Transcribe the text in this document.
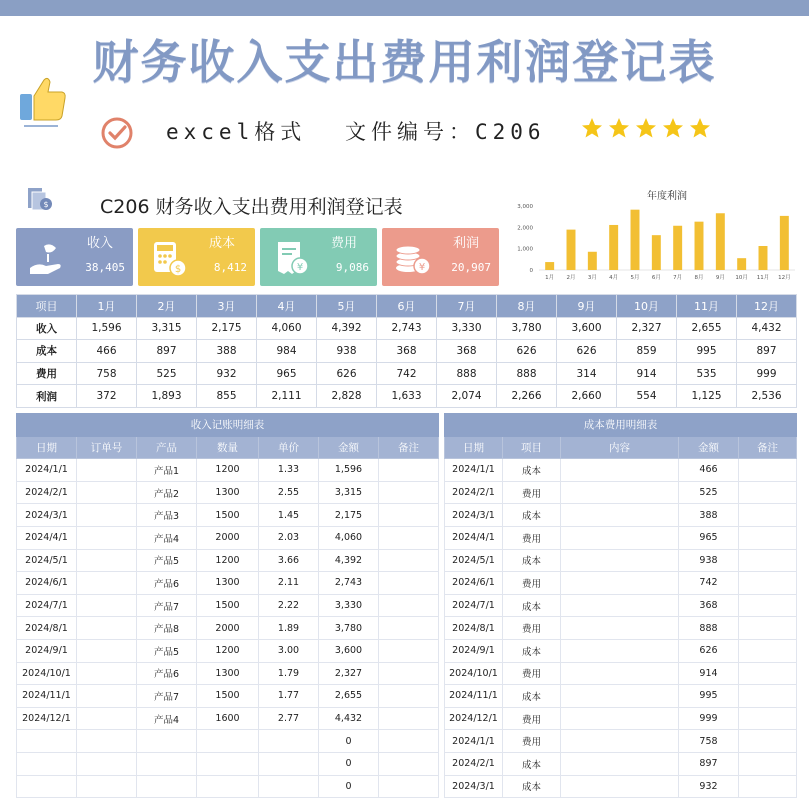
财务收入支出费用利润登记表
excel格式 文件编号：C206
$	C206 财务收入支出费用利润登记表	年度利润
0
1,000
2,000
3,000
1月 2月 3月 4月 5月 6月 7月 8月 9月 10月 11月 12月
收入
38,405	$
成本
8,412	¥
费用
9,086	¥
利润
20,907
项目	1月	2月	3月	4月	5月	6月	7月	8月	9月	10月	11月	12月
收入	1,596	3,315	2,175	4,060	4,392	2,743	3,330	3,780	3,600	2,327	2,655	4,432
成本	466	897	388	984	938	368	368	626	626	859	995	897
费用	758	525	932	965	626	742	888	888	314	914	535	999
利润	372	1,893	855	2,111	2,828	1,633	2,074	2,266	2,660	554	1,125	2,536
收入记账明细表						
日期	订单号	产品	数量	单价	金额	备注
2024/1/1		产品1	1200	1.33	1,596	
2024/2/1		产品2	1300	2.55	3,315	
2024/3/1		产品3	1500	1.45	2,175	
2024/4/1		产品4	2000	2.03	4,060	
2024/5/1		产品5	1200	3.66	4,392	
2024/6/1		产品6	1300	2.11	2,743	
2024/7/1		产品7	1500	2.22	3,330	
2024/8/1		产品8	2000	1.89	3,780	
2024/9/1		产品5	1200	3.00	3,600	
2024/10/1		产品6	1300	1.79	2,327	
2024/11/1		产品7	1500	1.77	2,655	
2024/12/1		产品4	1600	2.77	4,432	
					0	
					0	
					0	
成本费用明细表				
日期	项目	内容	金额	备注
2024/1/1	成本		466	
2024/2/1	费用		525	
2024/3/1	成本		388	
2024/4/1	费用		965	
2024/5/1	成本		938	
2024/6/1	费用		742	
2024/7/1	成本		368	
2024/8/1	费用		888	
2024/9/1	成本		626	
2024/10/1	费用		914	
2024/11/1	成本		995	
2024/12/1	费用		999	
2024/1/1	费用		758	
2024/2/1	成本		897	
2024/3/1	成本		932	
